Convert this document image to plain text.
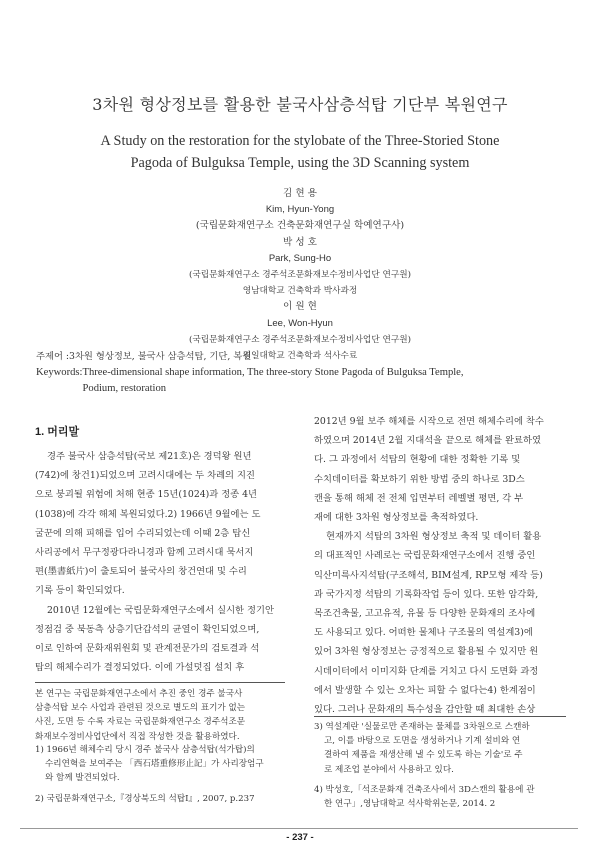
3차원 형상정보를 활용한 불국사삼층석탑 기단부 복원연구
A Study on the restoration for the stylobate of the Three-Storied Stone
Pagoda of Bulguksa Temple, using the 3D Scanning system
김 현 용
Kim, Hyun-Yong
(국립문화재연구소 건축문화재연구실 학예연구사)
박 성 호
Park, Sung-Ho
(국립문화재연구소 경주석조문화재보수정비사업단 연구원)
영남대학교 건축학과 박사과정
이 원 현
Lee, Won-Hyun
(국립문화재연구소 경주석조문화재보수정비사업단 연구원)
경일대학교 건축학과 석사수료
주제어 : 3차원 형상정보, 불국사 삼층석탑, 기단, 복원
Keywords: Three-dimensional shape information, The three-story Stone Pagoda of Bulguksa Temple,
Podium, restoration
1. 머리말
경주 불국사 삼층석탑(국보 제21호)은 경덕왕 원년
(742)에 창건1)되었으며 고려시대에는 두 차례의 지진
으로 붕괴될 위험에 처해 현종 15년(1024)과 정종 4년
(1038)에 각각 해체 복원되었다.2) 1966년 9월에는 도
굴꾼에 의해 피해를 입어 수리되었는데 이때 2층 탑신
사리공에서 무구정광다라니경과 함께 고려시대 묵서지
편(墨書紙片)이 출토되어 불국사의 창건연대 및 수리
기록 등이 확인되었다.
2010년 12월에는 국립문화재연구소에서 실시한 정기안
정점검 중 북동측 상층기단갑석의 균열이 확인되었으며,
이로 인하여 문화재위원회 및 관계전문가의 검토결과 석
탑의 해체수리가 결정되었다. 이에 가설덧집 설치 후
2012년 9월 보주 해체를 시작으로 전면 해체수리에 착수
하였으며 2014년 2월 지대석을 끝으로 해체를 완료하였
다. 그 과정에서 석탑의 현황에 대한 정확한 기록 및
수치데이터를 확보하기 위한 방법 중의 하나로 3D스
캔을 통해 해체 전 전체 입면부터 레벨별 평면, 각 부
재에 대한 3차원 형상정보를 축적하였다.
현재까지 석탑의 3차원 형상정보 축적 및 데이터 활용
의 대표적인 사례로는 국립문화재연구소에서 진행 중인
익산미륵사지석탑(구조해석, BIM설계, RP모형 제작 등)
과 국가지정 석탑의 기록화작업 등이 있다. 또한 암각화,
목조건축물, 고고유적, 유물 등 다양한 문화재의 조사에
도 사용되고 있다. 어떠한 물체나 구조물의 역설계3)에
있어 3차원 형상정보는 긍정적으로 활용될 수 있지만 원
시데이터에서 이미지화 단계를 거치고 다시 도면화 과정
에서 발생할 수 있는 오차는 피할 수 없다는4) 한계점이
있다. 그러나 문화재의 특수성을 감안할 때 최대한 손상
본 연구는 국립문화재연구소에서 추진 중인 경주 불국사
삼층석탑 보수 사업과 관련된 것으로 별도의 표기가 없는
사진, 도면 등 수록 자료는 국립문화재연구소 경주석조문
화재보수정비사업단에서 직접 작성한 것을 활용하였다.
1) 1966년 해체수리 당시 경주 불국사 삼층석탑(석가탑)의
수리연혁을 보여주는 「西石塔重修形止記」가 사리장엄구
와 함께 발견되었다.
2) 국립문화재연구소,『경상북도의 석탑Ⅰ』, 2007, p.237
3) 역설계란 '실물로만 존재하는 물체를 3차원으로 스캔하
고, 이를 바탕으로 도면을 생성하거나 기계 설비와 연
결하여 제품을 재생산해 낼 수 있도록 하는 기술'로 주
로 제조업 분야에서 사용하고 있다.
4) 박성호,「석조문화재 건축조사에서 3D스캔의 활용에 관
한 연구」,영남대학교 석사학위논문, 2014. 2
- 237 -
